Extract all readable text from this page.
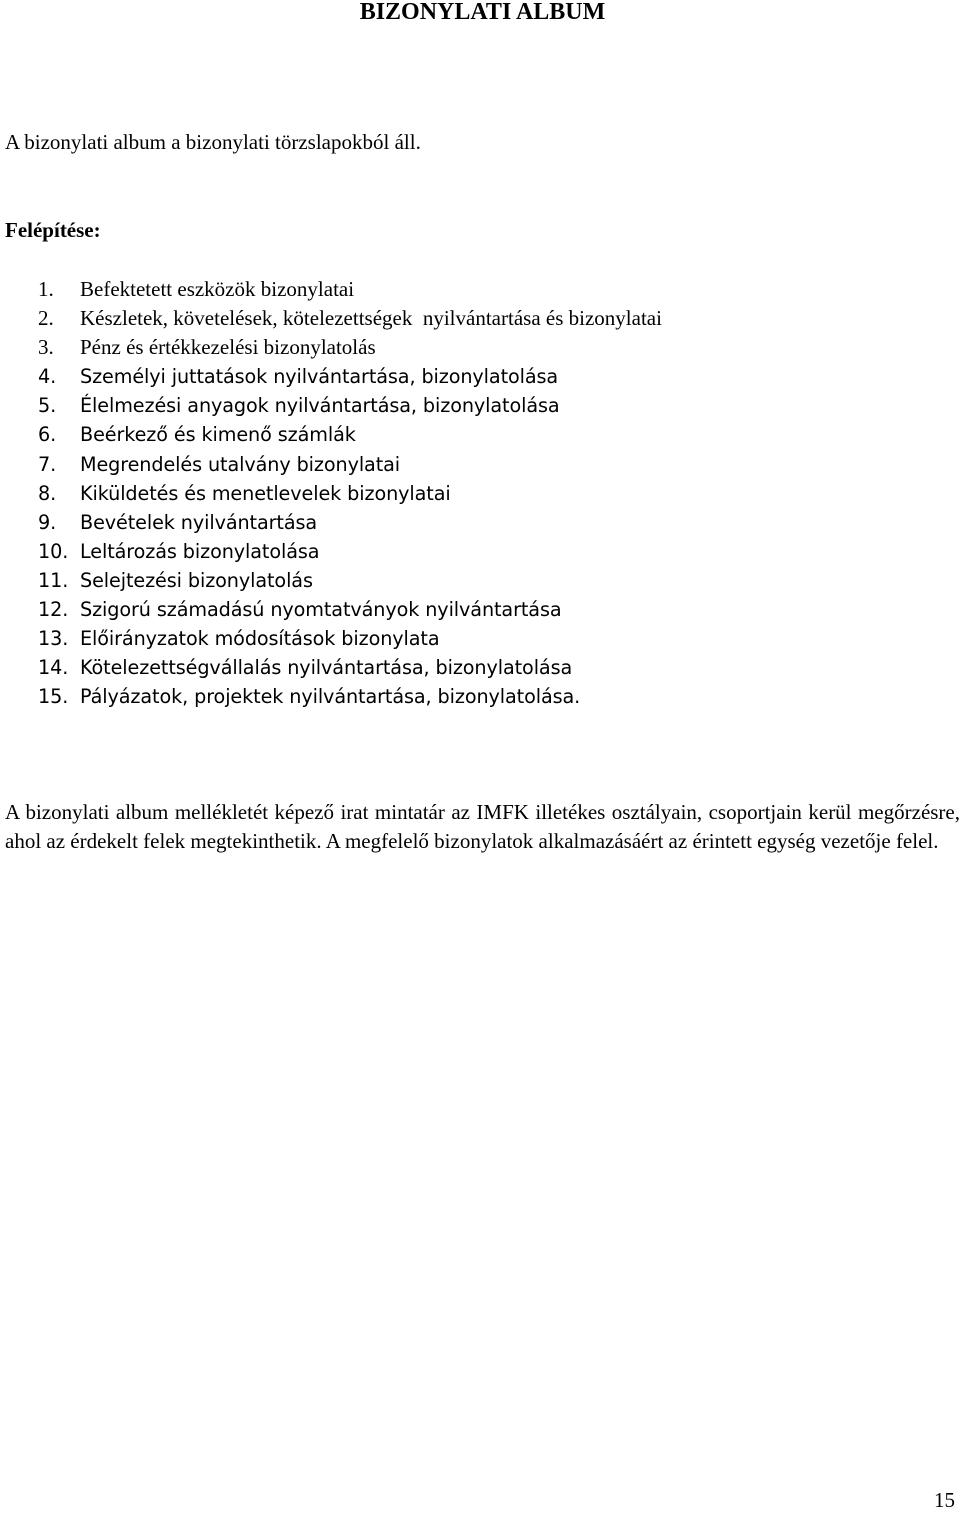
BIZONYLATI ALBUM

A bizonylati album a bizonylati törzslapokból áll.

Felépítése:

1. Befektetett eszközök bizonylatai
2. Készletek, követelések, kötelezettségek  nyilvántartása és bizonylatai
3. Pénz és értékkezelési bizonylatolás
4. Személyi juttatások nyilvántartása, bizonylatolása
5. Élelmezési anyagok nyilvántartása, bizonylatolása
6. Beérkező és kimenő számlák
7. Megrendelés utalvány bizonylatai
8. Kiküldetés és menetlevelek bizonylatai
9. Bevételek nyilvántartása
10. Leltározás bizonylatolása
11. Selejtezési bizonylatolás
12. Szigorú számadású nyomtatványok nyilvántartása
13. Előirányzatok módosítások bizonylata
14. Kötelezettségvállalás nyilvántartása, bizonylatolása
15. Pályázatok, projektek nyilvántartása, bizonylatolása.

A bizonylati album mellékletét képező irat mintatár az IMFK illetékes osztályain, csoportjain kerül megőrzésre, ahol az érdekelt felek megtekinthetik. A megfelelő bizonylatok alkalmazásáért az érintett egység vezetője felel.

15
